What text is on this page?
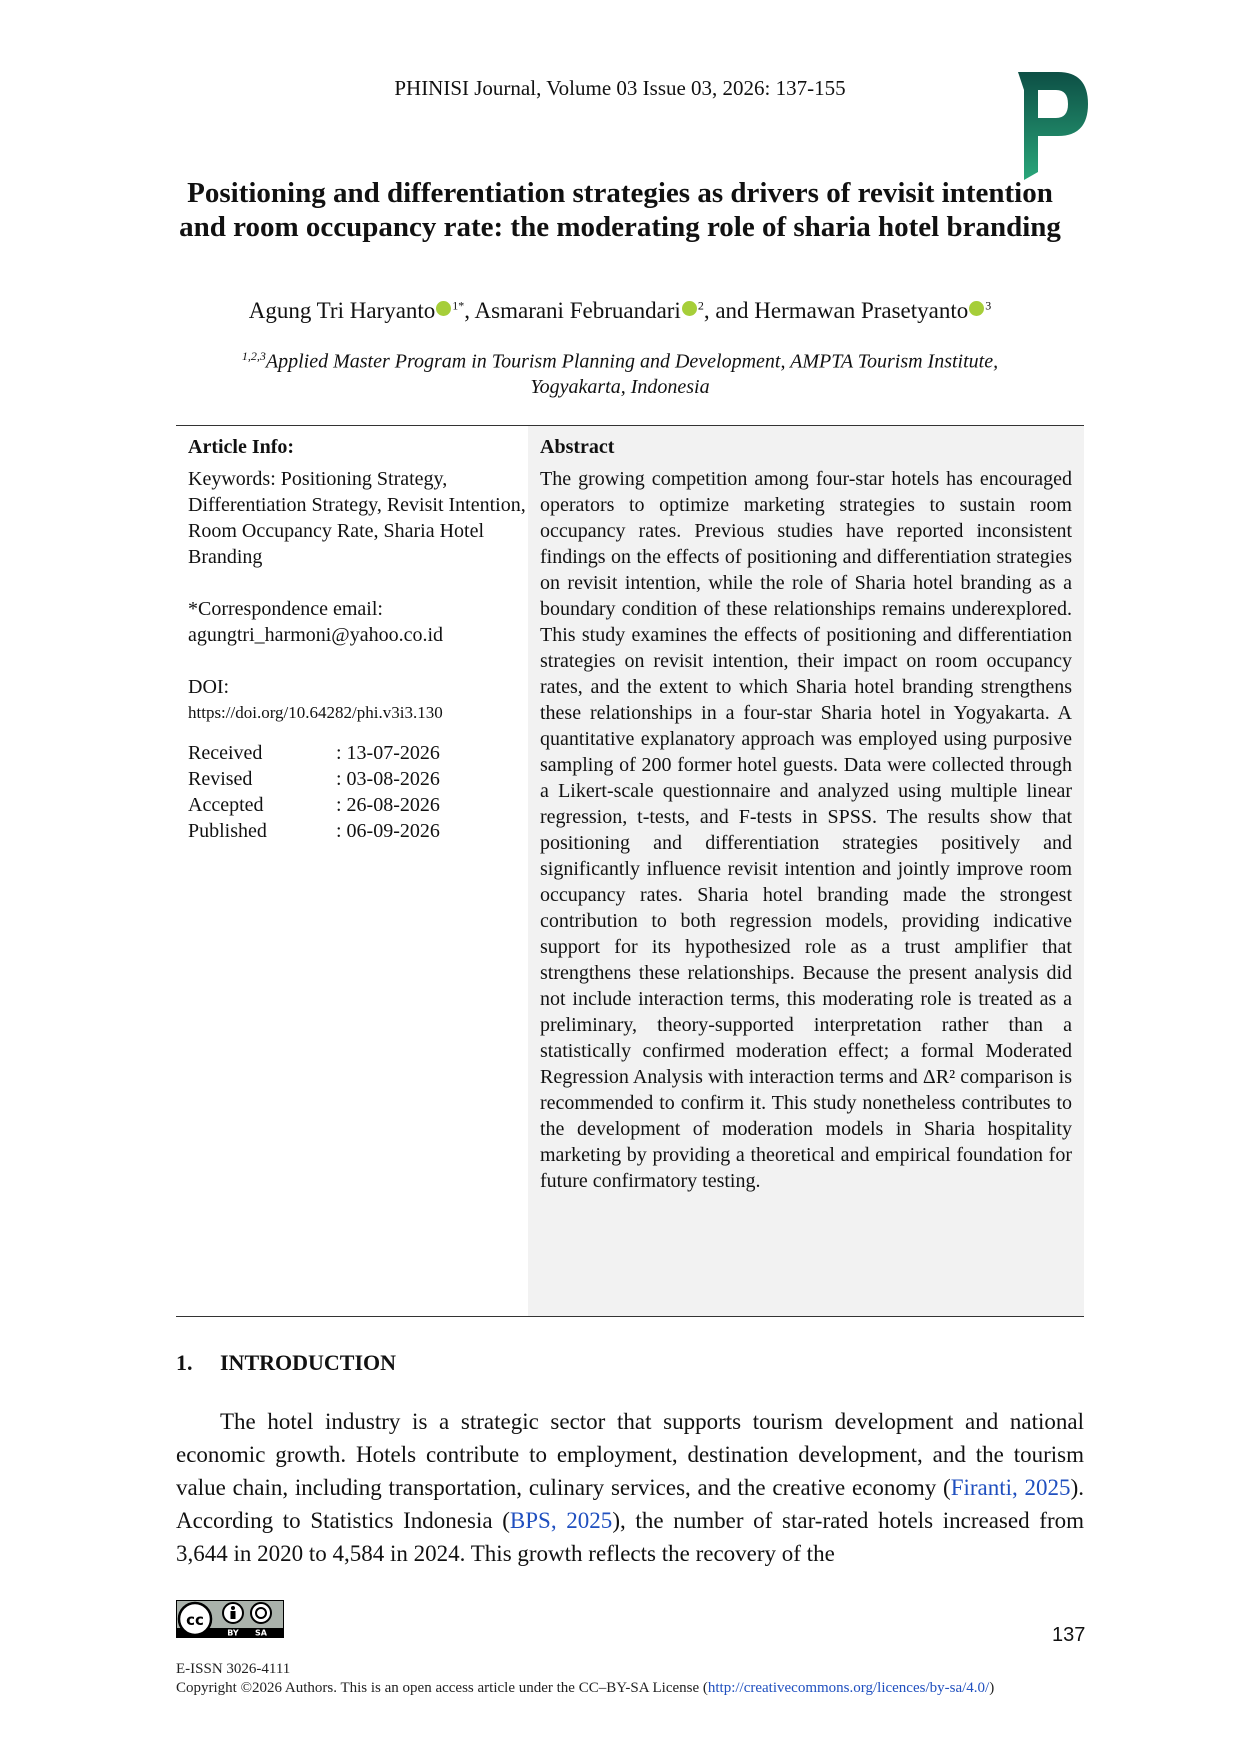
PHINISI Journal, Volume 03 Issue 03, 2026: 137-155
Positioning and differentiation strategies as drivers of revisit intention and room occupancy rate: the moderating role of sharia hotel branding
Agung Tri Haryanto $^{1*}$, Asmarani Februandari $^2$, and Hermawan Prasetyanto $^3$
$^{1,2,3}$Applied Master Program in Tourism Planning and Development, AMPTA Tourism Institute, Yogyakarta, Indonesia
Article Info:
Keywords: Positioning Strategy, Differentiation Strategy, Revisit Intention, Room Occupancy Rate, Sharia Hotel Branding
*Correspondence email:
agungtri_harmoni@yahoo.co.id
DOI:
https://doi.org/10.64282/phi.v3i3.130
Received	: 13-07-2026
Revised	: 03-08-2026
Accepted	: 26-08-2026
Published	: 06-09-2026
Abstract
The growing competition among four-star hotels has encouraged operators to optimize marketing strategies to sustain room occupancy rates. Previous studies have reported inconsistent findings on the effects of positioning and differentiation strategies on revisit intention, while the role of Sharia hotel branding as a boundary condition of these relationships remains underexplored. This study examines the effects of positioning and differentiation strategies on revisit intention, their impact on room occupancy rates, and the extent to which Sharia hotel branding strengthens these relationships in a four-star Sharia hotel in Yogyakarta. A quantitative explanatory approach was employed using purposive sampling of 200 former hotel guests. Data were collected through a Likert-scale questionnaire and analyzed using multiple linear regression, t-tests, and F-tests in SPSS. The results show that positioning and differentiation strategies positively and significantly influence revisit intention and jointly improve room occupancy rates. Sharia hotel branding made the strongest contribution to both regression models, providing indicative support for its hypothesized role as a trust amplifier that strengthens these relationships. Because the present analysis did not include interaction terms, this moderating role is treated as a preliminary, theory-supported interpretation rather than a statistically confirmed moderation effect; a formal Moderated Regression Analysis with interaction terms and ΔR² comparison is recommended to confirm it. This study nonetheless contributes to the development of moderation models in Sharia hospitality marketing by providing a theoretical and empirical foundation for future confirmatory testing.
1. INTRODUCTION
The hotel industry is a strategic sector that supports tourism development and national economic growth. Hotels contribute to employment, destination development, and the tourism value chain, including transportation, culinary services, and the creative economy (Firanti, 2025). According to Statistics Indonesia (BPS, 2025), the number of star-rated hotels increased from 3,644 in 2020 to 4,584 in 2024. This growth reflects the recovery of the
cc
BY SA	137
E-ISSN 3026-4111
Copyright ©2026 Authors. This is an open access article under the CC–BY-SA License (http://creativecommons.org/licences/by-sa/4.0/)
